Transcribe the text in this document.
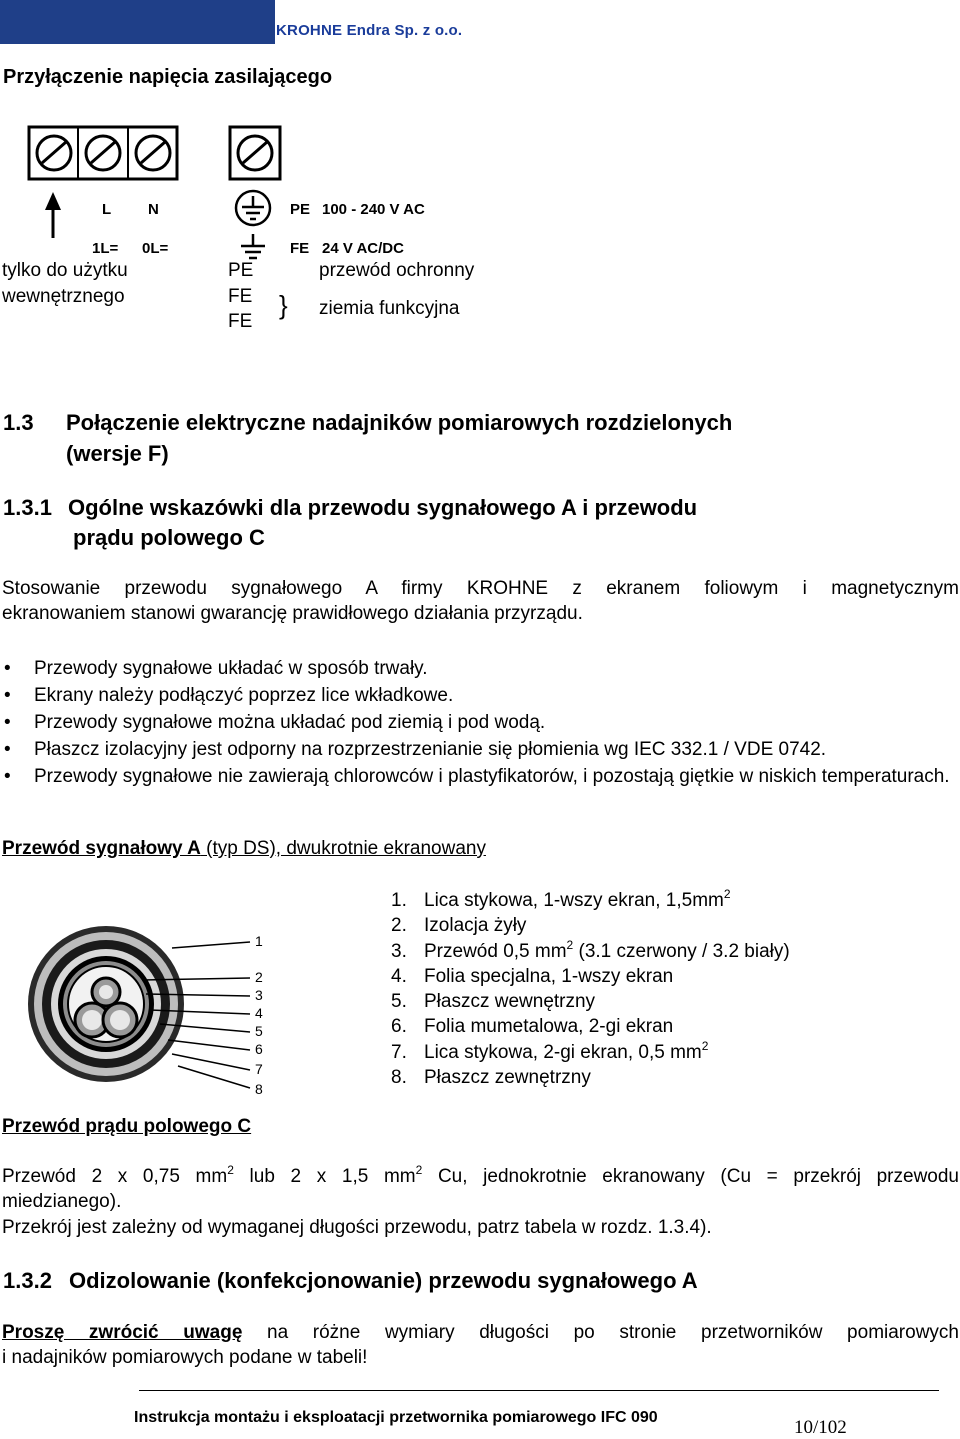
KROHNE Endra Sp. z o.o.
Przyłączenie napięcia zasilającego
L N
1L= 0L=
PE 100 - 240 V AC
FE 24 V AC/DC
tylko do użytku wewnętrznego
PE
FE
FE
}
przewód ochronny
ziemia funkcyjna
1.3 Połączenie elektryczne nadajników pomiarowych rozdzielonych
(wersje F)
1.3.1 Ogólne wskazówki dla przewodu sygnałowego A i przewodu
prądu polowego C
Stosowanie przewodu sygnałowego A firmy KROHNE z ekranem foliowym i magnetycznym
ekranowaniem stanowi gwarancję prawidłowego działania przyrządu.
• Przewody sygnałowe układać w sposób trwały.
• Ekrany należy podłączyć poprzez lice wkładkowe.
• Przewody sygnałowe można układać pod ziemią i pod wodą.
• Płaszcz izolacyjny jest odporny na rozprzestrzenianie się płomienia wg IEC 332.1 / VDE 0742.
• Przewody sygnałowe nie zawierają chlorowców i plastyfikatorów, i pozostają giętkie w niskich temperaturach.
Przewód sygnałowy A (typ DS), dwukrotnie ekranowany
1
2
3
4
5
6
7
8
1. Lica stykowa, 1-wszy ekran, $1,5mm^2$
2. Izolacja żyły
3. Przewód 0,5 $mm^2$ (3.1 czerwony / 3.2 biały)
4. Folia specjalna, 1-wszy ekran
5. Płaszcz wewnętrzny
6. Folia mumetalowa, 2-gi ekran
7. Lica stykowa, 2-gi ekran, 0,5 $mm^2$
8. Płaszcz zewnętrzny
Przewód prądu polowego C
Przewód 2 x 0,75 $mm^2$ lub 2 x 1,5 $mm^2$ Cu, jednokrotnie ekranowany (Cu = przekrój przewodu
miedzianego).
Przekrój jest zależny od wymaganej długości przewodu, patrz tabela w rozdz. 1.3.4).
1.3.2 Odizolowanie (konfekcjonowanie) przewodu sygnałowego A
Proszę zwrócić uwagę na różne wymiary długości po stronie przetworników pomiarowych
i nadajników pomiarowych podane w tabeli!
Instrukcja montażu i eksploatacji przetwornika pomiarowego IFC 090	10/102
